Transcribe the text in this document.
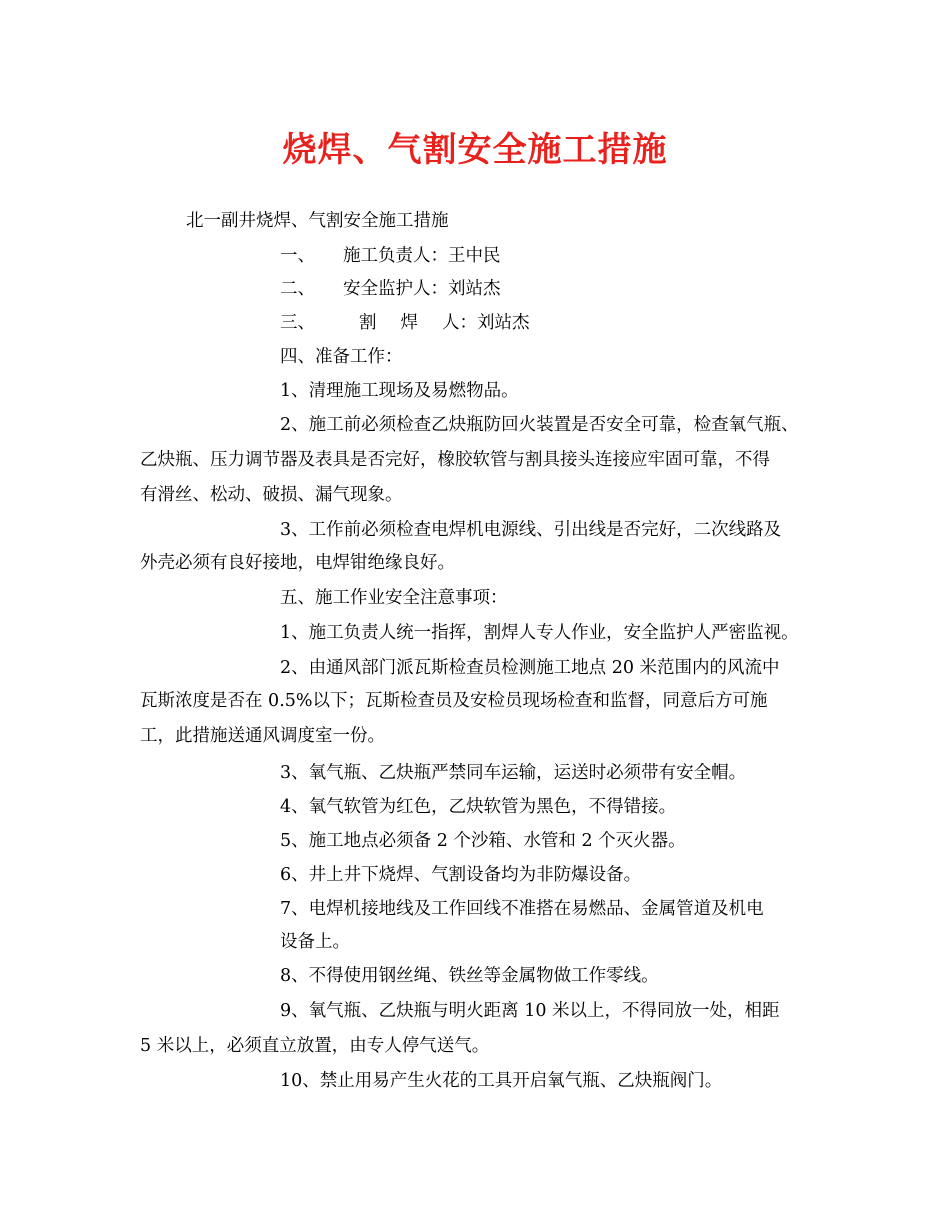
烧焊、气割安全施工措施
北一副井烧焊、气割安全施工措施
一、 施工负责人：王中民
二、 安全监护人：刘站杰
三、	割 焊 人：刘站杰
四、准备工作：
1、清理施工现场及易燃物品。
2、施工前必须检查乙炔瓶防回火装置是否安全可靠，检查氧气瓶、
乙炔瓶、压力调节器及表具是否完好，橡胶软管与割具接头连接应牢固可靠，不得
有滑丝、松动、破损、漏气现象。
3、工作前必须检查电焊机电源线、引出线是否完好，二次线路及
外壳必须有良好接地，电焊钳绝缘良好。
五、施工作业安全注意事项：
1、施工负责人统一指挥，割焊人专人作业，安全监护人严密监视。
2、由通风部门派瓦斯检查员检测施工地点 20 米范围内的风流中
瓦斯浓度是否在 0.5%以下；瓦斯检查员及安检员现场检查和监督，同意后方可施
工，此措施送通风调度室一份。
3、氧气瓶、乙炔瓶严禁同车运输，运送时必须带有安全帽。
4、氧气软管为红色，乙炔软管为黑色，不得错接。
5、施工地点必须备 2 个沙箱、水管和 2 个灭火器。
6、井上井下烧焊、气割设备均为非防爆设备。
7、电焊机接地线及工作回线不准搭在易燃品、金属管道及机电
设备上。
8、不得使用钢丝绳、铁丝等金属物做工作零线。
9、氧气瓶、乙炔瓶与明火距离 10 米以上，不得同放一处，相距
5 米以上，必须直立放置，由专人停气送气。
10、禁止用易产生火花的工具开启氧气瓶、乙炔瓶阀门。
